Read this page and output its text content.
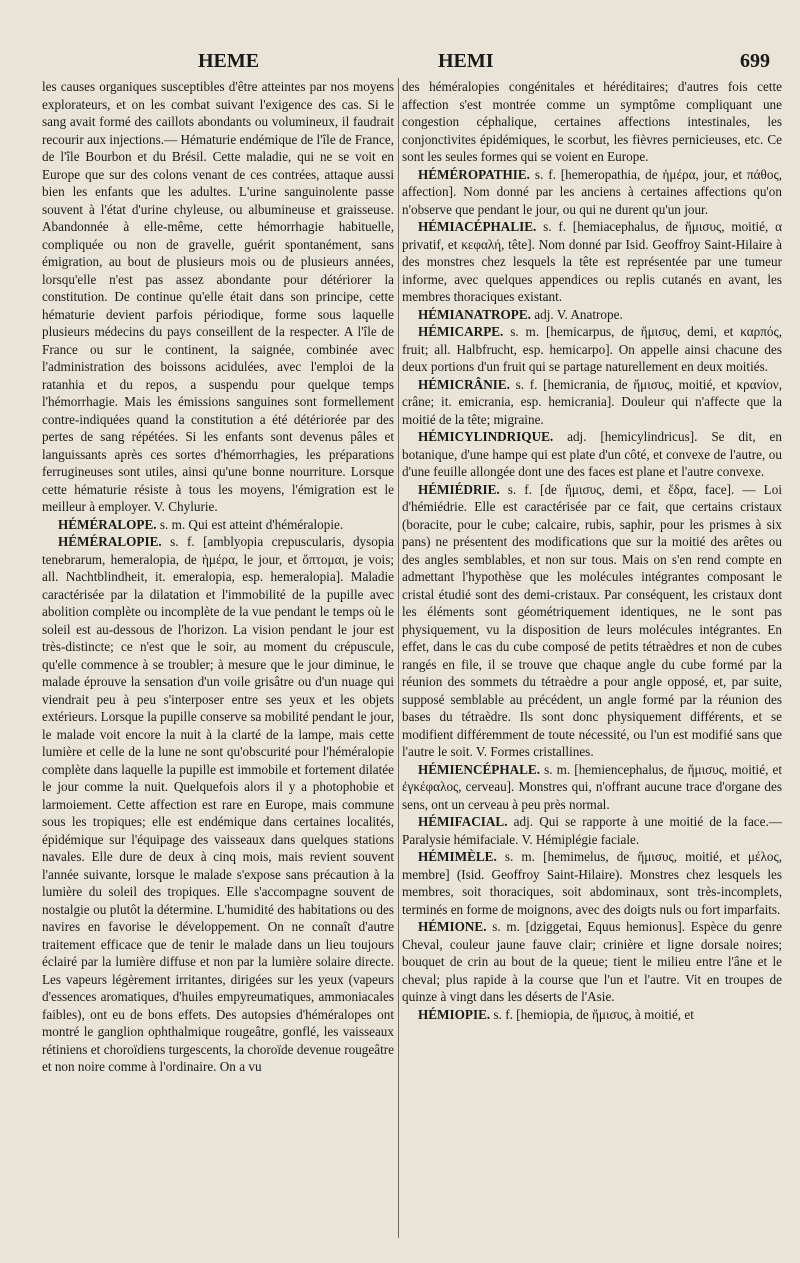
HEME	HEMI	699

les causes organiques susceptibles d'être atteintes par nos moyens explorateurs, et on les combat suivant l'exigence des cas. Si le sang avait formé des caillots abondants ou volumineux, il faudrait recourir aux injections.— Hématurie endémique de l'île de France, de l'île Bourbon et du Brésil. Cette maladie, qui ne se voit en Europe que sur des colons venant de ces contrées, attaque aussi bien les enfants que les adultes. L'urine sanguinolente passe souvent à l'état d'urine chyleuse, ou albumineuse et graisseuse. Abandonnée à elle-même, cette hémorrhagie habituelle, compliquée ou non de gravelle, guérit spontanément, sans émigration, au bout de plusieurs mois ou de plusieurs années, lorsqu'elle n'est pas assez abondante pour détériorer la constitution. De continue qu'elle était dans son principe, cette hématurie devient parfois périodique, forme sous laquelle plusieurs médecins du pays conseillent de la respecter. A l'île de France ou sur le continent, la saignée, combinée avec l'administration des boissons acidulées, avec l'emploi de la ratanhia et du repos, a suspendu pour quelque temps l'hémorrhagie. Mais les émissions sanguines sont formellement contre-indiquées quand la constitution a été détériorée par des pertes de sang répétées. Si les enfants sont devenus pâles et languissants après ces sortes d'hémorrhagies, les préparations ferrugineuses sont utiles, ainsi qu'une bonne nourriture. Lorsque cette hématurie résiste à tous les moyens, l'émigration est le meilleur à employer. V. Chylurie.

HÉMÉRALOPE. s. m. Qui est atteint d'héméralopie.

HÉMÉRALOPIE. s. f. [amblyopia crepuscularis, dysopia tenebrarum, hemeralopia, de ἡμέρα, le jour, et ὄπτομαι, je vois; all. Nachtblindheit, it. emeralopia, esp. hemeralopia]. Maladie caractérisée par la dilatation et l'immobilité de la pupille avec abolition complète ou incomplète de la vue pendant le temps où le soleil est au-dessous de l'horizon. La vision pendant le jour est très-distincte; ce n'est que le soir, au moment du crépuscule, qu'elle commence à se troubler; à mesure que le jour diminue, le malade éprouve la sensation d'un voile grisâtre ou d'un nuage qui viendrait peu à peu s'interposer entre ses yeux et les objets extérieurs. Lorsque la pupille conserve sa mobilité pendant le jour, le malade voit encore la nuit à la clarté de la lampe, mais cette lumière et celle de la lune ne sont qu'obscurité pour l'héméralopie complète dans laquelle la pupille est immobile et fortement dilatée le jour comme la nuit. Quelquefois alors il y a photophobie et larmoiement. Cette affection est rare en Europe, mais commune sous les tropiques; elle est endémique dans certaines localités, épidémique sur l'équipage des vaisseaux dans quelques stations navales. Elle dure de deux à cinq mois, mais revient souvent l'année suivante, lorsque le malade s'expose sans précaution à la lumière du soleil des tropiques. Elle s'accompagne souvent de nostalgie ou plutôt la détermine. L'humidité des habitations ou des navires en favorise le développement. On ne connaît d'autre traitement efficace que de tenir le malade dans un lieu toujours éclairé par la lumière diffuse et non par la lumière solaire directe. Les vapeurs légèrement irritantes, dirigées sur les yeux (vapeurs d'essences aromatiques, d'huiles empyreumatiques, ammoniacales faibles), ont eu de bons effets. Des autopsies d'héméralopes ont montré le ganglion ophthalmique rougeâtre, gonflé, les vaisseaux rétiniens et choroïdiens turgescents, la choroïde devenue rougeâtre et non noire comme à l'ordinaire. On a vu

des héméralopies congénitales et héréditaires; d'autres fois cette affection s'est montrée comme un symptôme compliquant une congestion céphalique, certaines affections intestinales, les conjonctivites épidémiques, le scorbut, les fièvres pernicieuses, etc. Ce sont les seules formes qui se voient en Europe.

HÉMÉROPATHIE. s. f. [hemeropathia, de ἡμέρα, jour, et πάθος, affection]. Nom donné par les anciens à certaines affections qu'on n'observe que pendant le jour, ou qui ne durent qu'un jour.

HÉMIACÉPHALIE. s. f. [hemiacephalus, de ἥμισυς, moitié, α privatif, et κεφαλή, tête]. Nom donné par Isid. Geoffroy Saint-Hilaire à des monstres chez lesquels la tête est représentée par une tumeur informe, avec quelques appendices ou replis cutanés en avant, les membres thoraciques existant.

HÉMIANATROPE. adj. V. Anatrope.

HÉMICARPE. s. m. [hemicarpus, de ἥμισυς, demi, et καρπός, fruit; all. Halbfrucht, esp. hemicarpo]. On appelle ainsi chacune des deux portions d'un fruit qui se partage naturellement en deux moitiés.

HÉMICRÂNIE. s. f. [hemicrania, de ἥμισυς, moitié, et κρανίον, crâne; it. emicrania, esp. hemicrania]. Douleur qui n'affecte que la moitié de la tête; migraine.

HÉMICYLINDRIQUE. adj. [hemicylindricus]. Se dit, en botanique, d'une hampe qui est plate d'un côté, et convexe de l'autre, ou d'une feuille allongée dont une des faces est plane et l'autre convexe.

HÉMIÉDRIE. s. f. [de ἥμισυς, demi, et ἕδρα, face]. — Loi d'hémiédrie. Elle est caractérisée par ce fait, que certains cristaux (boracite, pour le cube; calcaire, rubis, saphir, pour les prismes à six pans) ne présentent des modifications que sur la moitié des arêtes ou des angles semblables, et non sur tous. Mais on s'en rend compte en admettant l'hypothèse que les molécules intégrantes composant le cristal étudié sont des demi-cristaux. Par conséquent, les cristaux dont les éléments sont géométriquement identiques, ne le sont pas physiquement, vu la disposition de leurs molécules intégrantes. En effet, dans le cas du cube composé de petits tétraèdres et non de cubes rangés en file, il se trouve que chaque angle du cube formé par la réunion des sommets du tétraèdre a pour angle opposé, et, par suite, supposé semblable au précédent, un angle formé par la réunion des bases du tétraèdre. Ils sont donc physiquement différents, et se modifient différemment de toute nécessité, ou l'un est modifié sans que l'autre le soit. V. Formes cristallines.

HÉMIENCÉPHALE. s. m. [hemiencephalus, de ἥμισυς, moitié, et ἐγκέφαλος, cerveau]. Monstres qui, n'offrant aucune trace d'organe des sens, ont un cerveau à peu près normal.

HÉMIFACIAL. adj. Qui se rapporte à une moitié de la face.— Paralysie hémifaciale. V. Hémiplégie faciale.

HÉMIMÈLE. s. m. [hemimelus, de ἥμισυς, moitié, et μέλος, membre] (Isid. Geoffroy Saint-Hilaire). Monstres chez lesquels les membres, soit thoraciques, soit abdominaux, sont très-incomplets, terminés en forme de moignons, avec des doigts nuls ou fort imparfaits.

HÉMIONE. s. m. [dziggetai, Equus hemionus]. Espèce du genre Cheval, couleur jaune fauve clair; crinière et ligne dorsale noires; bouquet de crin au bout de la queue; tient le milieu entre l'âne et le cheval; plus rapide à la course que l'un et l'autre. Vit en troupes de quinze à vingt dans les déserts de l'Asie.

HÉMIOPIE. s. f. [hemiopia, de ἥμισυς, à moitié, et
